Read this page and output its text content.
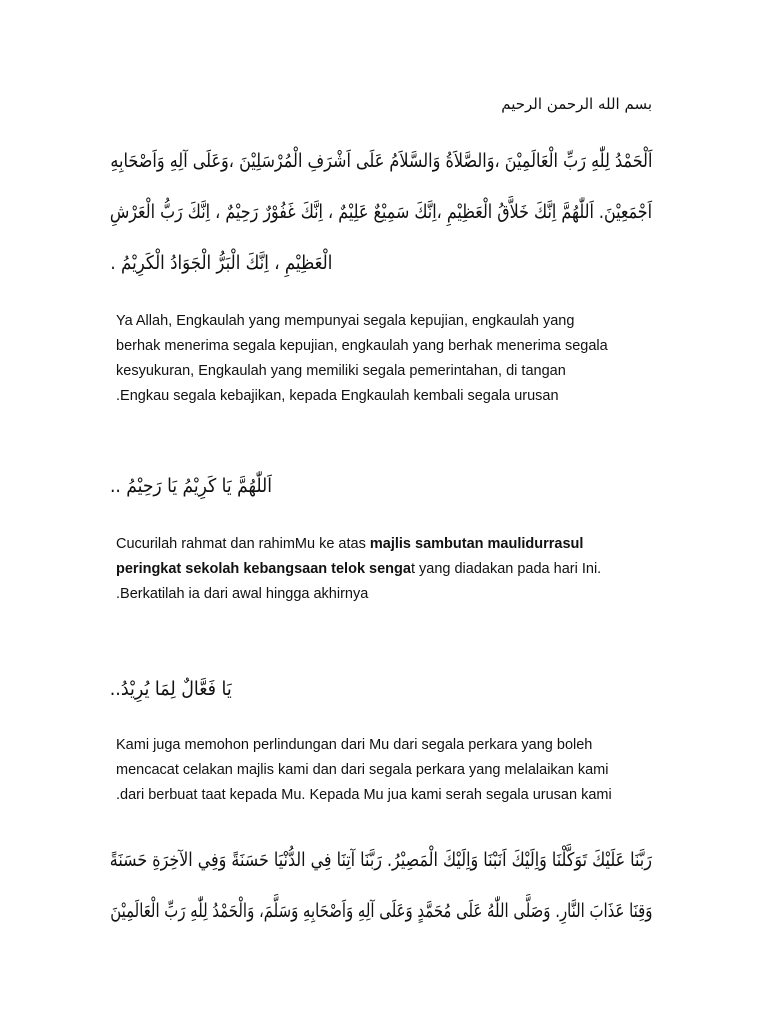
بسم الله الرحمن الرحيم
اَلْحَمْدُ لِلّٰهِ رَبِّ الْعَالَمِيْنَ ،وَالصَّلاَةُ وَالسَّلاَمُ عَلَى اَشْرَفِ الْمُرْسَلِيْنَ ،وَعَلَى آلِهِ وَاَصْحَابِهِ
اَجْمَعِيْنَ. اَللّٰهُمَّ اِنَّكَ خَلاَّقُ الْعَظِيْمِ ،اِنَّكَ سَمِيْعٌ عَلِيْمٌ ، اِنَّكَ غَفُوْرٌ رَحِيْمٌ ، اِنَّكَ رَبُّ الْعَرْشِ
الْعَظِيْمِ ، اِنَّكَ الْبَرُّ الْجَوَادُ الْكَرِيْمُ .
Ya Allah, Engkaulah yang mempunyai segala kepujian, engkaulah yang
berhak menerima segala kepujian, engkaulah yang berhak menerima segala
kesyukuran, Engkaulah yang memiliki segala pemerintahan, di tangan
.Engkau segala kebajikan, kepada Engkaulah kembali segala urusan
اَللّٰهُمَّ يَا كَرِيْمُ يَا رَحِيْمُ ..
Cucurilah rahmat dan rahimMu ke atas majlis sambutan maulidurrasul
peringkat sekolah kebangsaan telok sengat yang diadakan pada hari Ini.
.Berkatilah ia dari awal hingga akhirnya
يَا فَعَّالٌ لِمَا يُرِيْدُ..
Kami juga memohon perlindungan dari Mu dari segala perkara yang boleh
mencacat celakan majlis kami dan dari segala perkara yang melalaikan kami
.dari berbuat taat kepada Mu. Kepada Mu jua kami serah segala urusan kami
رَبَّنَا عَلَيْكَ تَوَكَّلْنَا وَاِلَيْكَ اَنَبْنَا وَاِلَيْكَ الْمَصِيْرُ. رَبَّنَا آتِنَا فِي الدُّنْيَا حَسَنَةً وَفِي الآخِرَةِ حَسَنَةً
وَقِنَا عَذَابَ النَّارِ. وَصَلَّى اللّٰهُ عَلَى مُحَمَّدٍ وَعَلَى آلِهِ وَاَصْحَابِهِ وَسَلَّمَ، وَالْحَمْدُ لِلّٰهِ رَبِّ الْعَالَمِيْنَ
